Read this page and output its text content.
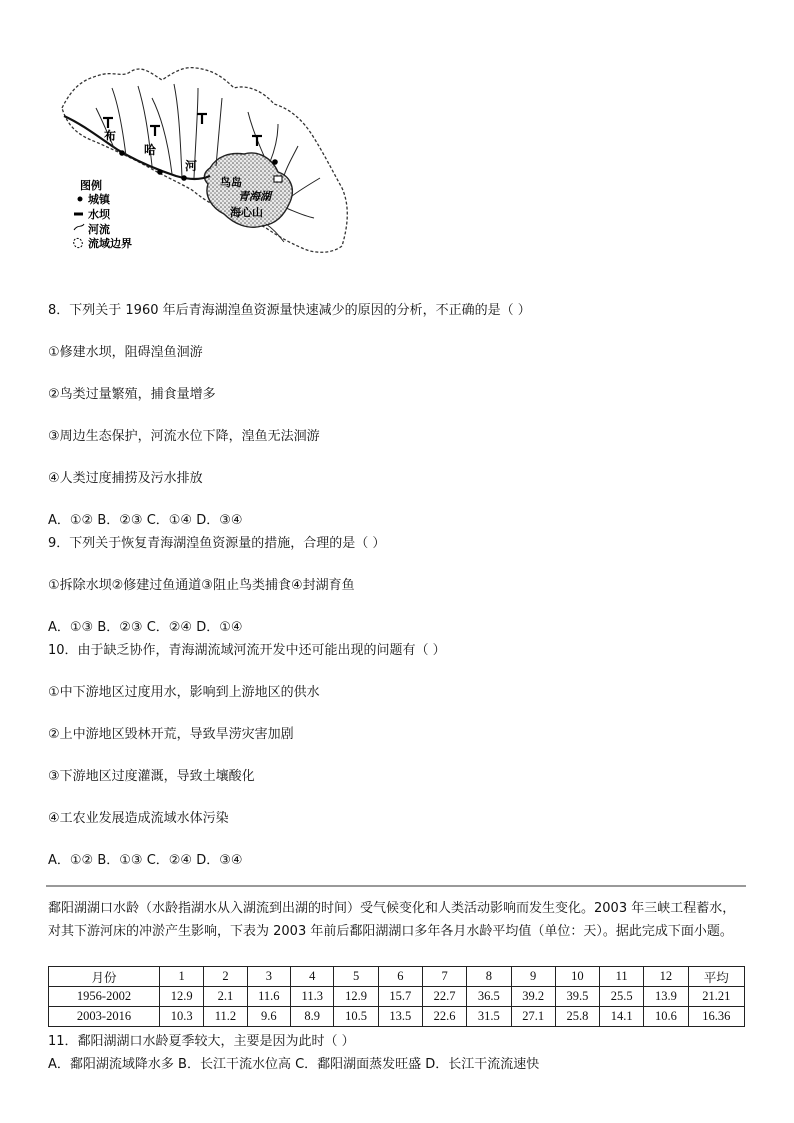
布
哈
河
鸟岛
青海湖
海心山
图例
城镇
水坝
河流
流域边界
8．下列关于 1960 年后青海湖湟鱼资源量快速减少的原因的分析，不正确的是（ ）
①修建水坝，阻碍湟鱼洄游
②鸟类过量繁殖，捕食量增多
③周边生态保护，河流水位下降，湟鱼无法洄游
④人类过度捕捞及污水排放
A．①② B．②③ C．①④ D．③④
9．下列关于恢复青海湖湟鱼资源量的措施，合理的是（ ）
①拆除水坝②修建过鱼通道③阻止鸟类捕食④封湖育鱼
A．①③ B．②③ C．②④ D．①④
10．由于缺乏协作，青海湖流域河流开发中还可能出现的问题有（ ）
①中下游地区过度用水，影响到上游地区的供水
②上中游地区毁林开荒，导致旱涝灾害加剧
③下游地区过度灌溉，导致土壤酸化
④工农业发展造成流域水体污染
A．①② B．①③ C．②④ D．③④
鄱阳湖湖口水龄（水龄指湖水从入湖流到出湖的时间）受气候变化和人类活动影响而发生变化。2003 年三峡工程蓄水，对其下游河床的冲淤产生影响，下表为 2003 年前后鄱阳湖湖口多年各月水龄平均值（单位：天）。据此完成下面小题。
月份	1	2	3	4	5	6	7	8	9	10	11	12	平均
1956-2002	12.9	2.1	11.6	11.3	12.9	15.7	22.7	36.5	39.2	39.5	25.5	13.9	21.21
2003-2016	10.3	11.2	9.6	8.9	10.5	13.5	22.6	31.5	27.1	25.8	14.1	10.6	16.36
11．鄱阳湖湖口水龄夏季较大，主要是因为此时（ ）
A．鄱阳湖流域降水多 B．长江干流水位高 C．鄱阳湖面蒸发旺盛 D．长江干流流速快
